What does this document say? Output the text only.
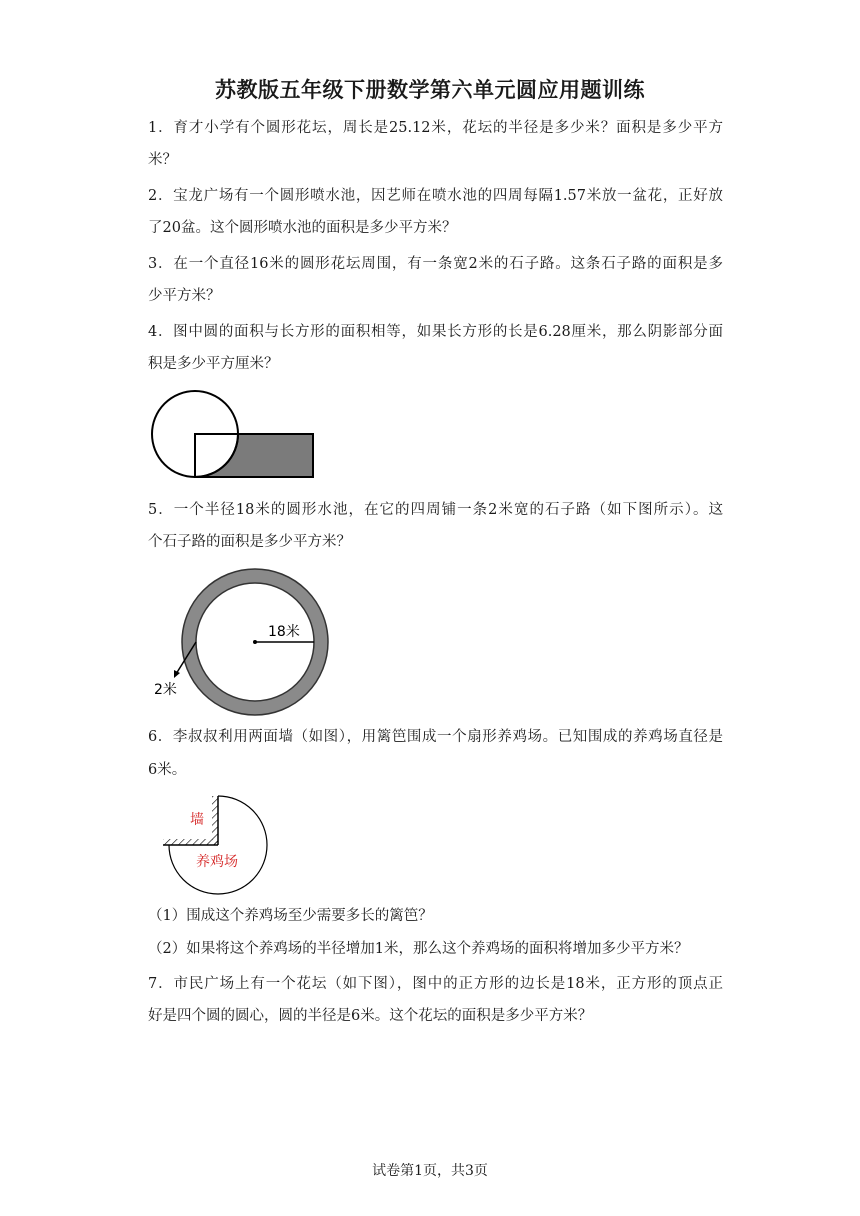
苏教版五年级下册数学第六单元圆应用题训练
1．育才小学有个圆形花坛，周长是25.12米，花坛的半径是多少米？面积是多少平方
米？
2．宝龙广场有一个圆形喷水池，因艺师在喷水池的四周每隔1.57米放一盆花，正好放
了20盆。这个圆形喷水池的面积是多少平方米？
3．在一个直径16米的圆形花坛周围，有一条宽2米的石子路。这条石子路的面积是多
少平方米？
4．图中圆的面积与长方形的面积相等，如果长方形的长是6.28厘米，那么阴影部分面
积是多少平方厘米？
5．一个半径18米的圆形水池，在它的四周铺一条2米宽的石子路（如下图所示）。这
个石子路的面积是多少平方米？
18米
2米
6．李叔叔利用两面墙（如图），用篱笆围成一个扇形养鸡场。已知围成的养鸡场直径是
6米。
墙
养鸡场
（1）围成这个养鸡场至少需要多长的篱笆？
（2）如果将这个养鸡场的半径增加1米，那么这个养鸡场的面积将增加多少平方米？
7．市民广场上有一个花坛（如下图），图中的正方形的边长是18米，正方形的顶点正
好是四个圆的圆心，圆的半径是6米。这个花坛的面积是多少平方米？
试卷第1页，共3页
